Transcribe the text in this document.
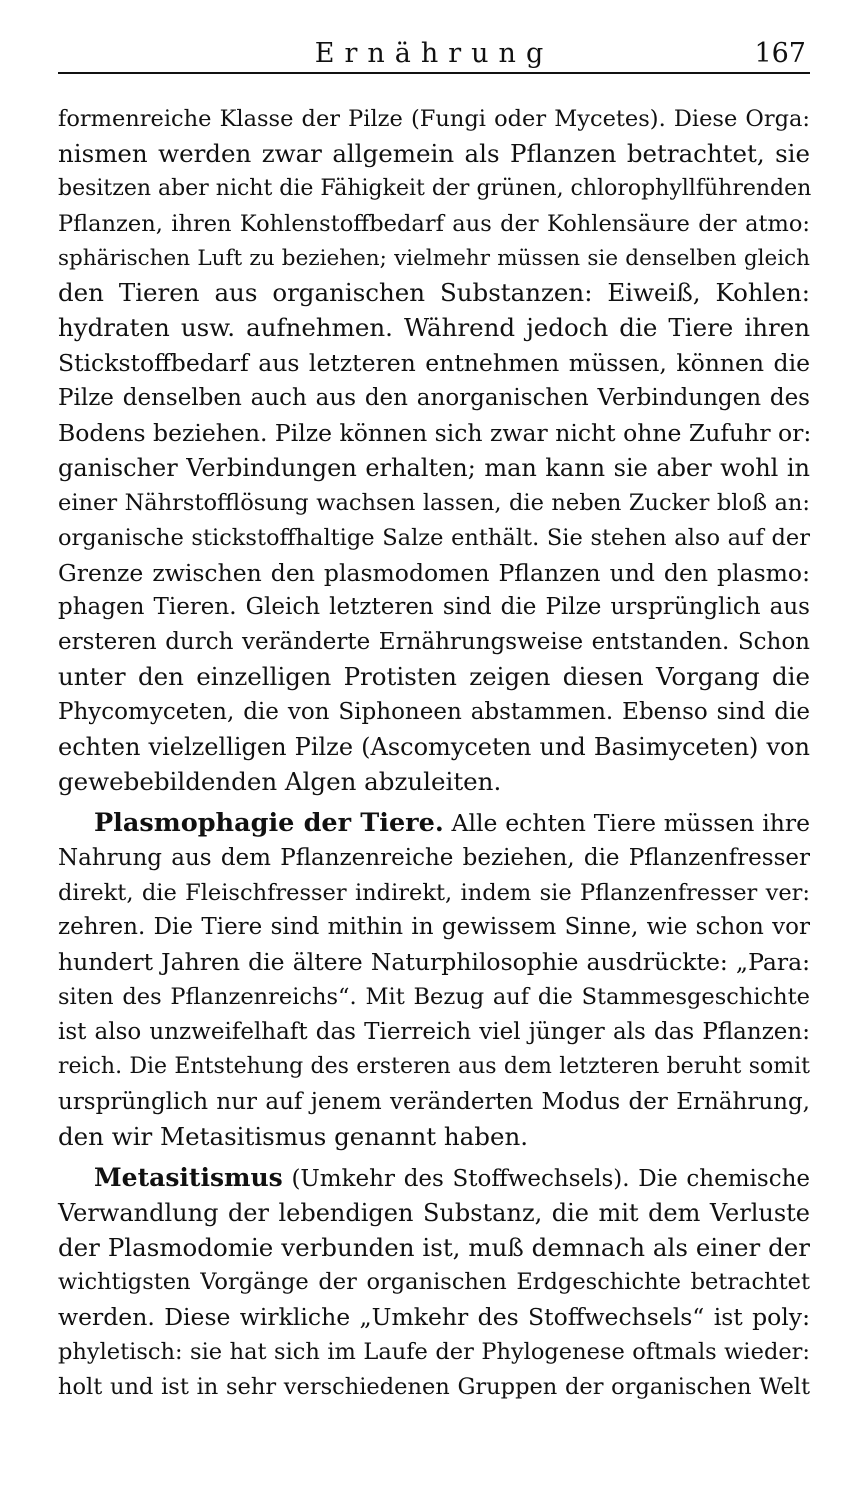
Ernährung	167
formenreiche Klasse der Pilze (Fungi oder Mycetes). Diese Orga:
nismen werden zwar allgemein als Pflanzen betrachtet, sie
besitzen aber nicht die Fähigkeit der grünen, chlorophyllführenden
Pflanzen, ihren Kohlenstoffbedarf aus der Kohlensäure der atmo:
sphärischen Luft zu beziehen; vielmehr müssen sie denselben gleich
den Tieren aus organischen Substanzen: Eiweiß, Kohlen:
hydraten usw. aufnehmen. Während jedoch die Tiere ihren
Stickstoffbedarf aus letzteren entnehmen müssen, können die
Pilze denselben auch aus den anorganischen Verbindungen des
Bodens beziehen. Pilze können sich zwar nicht ohne Zufuhr or:
ganischer Verbindungen erhalten; man kann sie aber wohl in
einer Nährstofflösung wachsen lassen, die neben Zucker bloß an:
organische stickstoffhaltige Salze enthält. Sie stehen also auf der
Grenze zwischen den plasmodomen Pflanzen und den plasmo:
phagen Tieren. Gleich letzteren sind die Pilze ursprünglich aus
ersteren durch veränderte Ernährungsweise entstanden. Schon
unter den einzelligen Protisten zeigen diesen Vorgang die
Phycomyceten, die von Siphoneen abstammen. Ebenso sind die
echten vielzelligen Pilze (Ascomyceten und Basimyceten) von
gewebebildenden Algen abzuleiten.
Plasmophagie der Tiere. Alle echten Tiere müssen ihre
Nahrung aus dem Pflanzenreiche beziehen, die Pflanzenfresser
direkt, die Fleischfresser indirekt, indem sie Pflanzenfresser ver:
zehren. Die Tiere sind mithin in gewissem Sinne, wie schon vor
hundert Jahren die ältere Naturphilosophie ausdrückte: „Para:
siten des Pflanzenreichs“. Mit Bezug auf die Stammesgeschichte
ist also unzweifelhaft das Tierreich viel jünger als das Pflanzen:
reich. Die Entstehung des ersteren aus dem letzteren beruht somit
ursprünglich nur auf jenem veränderten Modus der Ernährung,
den wir Metasitismus genannt haben.
Metasitismus (Umkehr des Stoffwechsels). Die chemische
Verwandlung der lebendigen Substanz, die mit dem Verluste
der Plasmodomie verbunden ist, muß demnach als einer der
wichtigsten Vorgänge der organischen Erdgeschichte betrachtet
werden. Diese wirkliche „Umkehr des Stoffwechsels“ ist poly:
phyletisch: sie hat sich im Laufe der Phylogenese oftmals wieder:
holt und ist in sehr verschiedenen Gruppen der organischen Welt
